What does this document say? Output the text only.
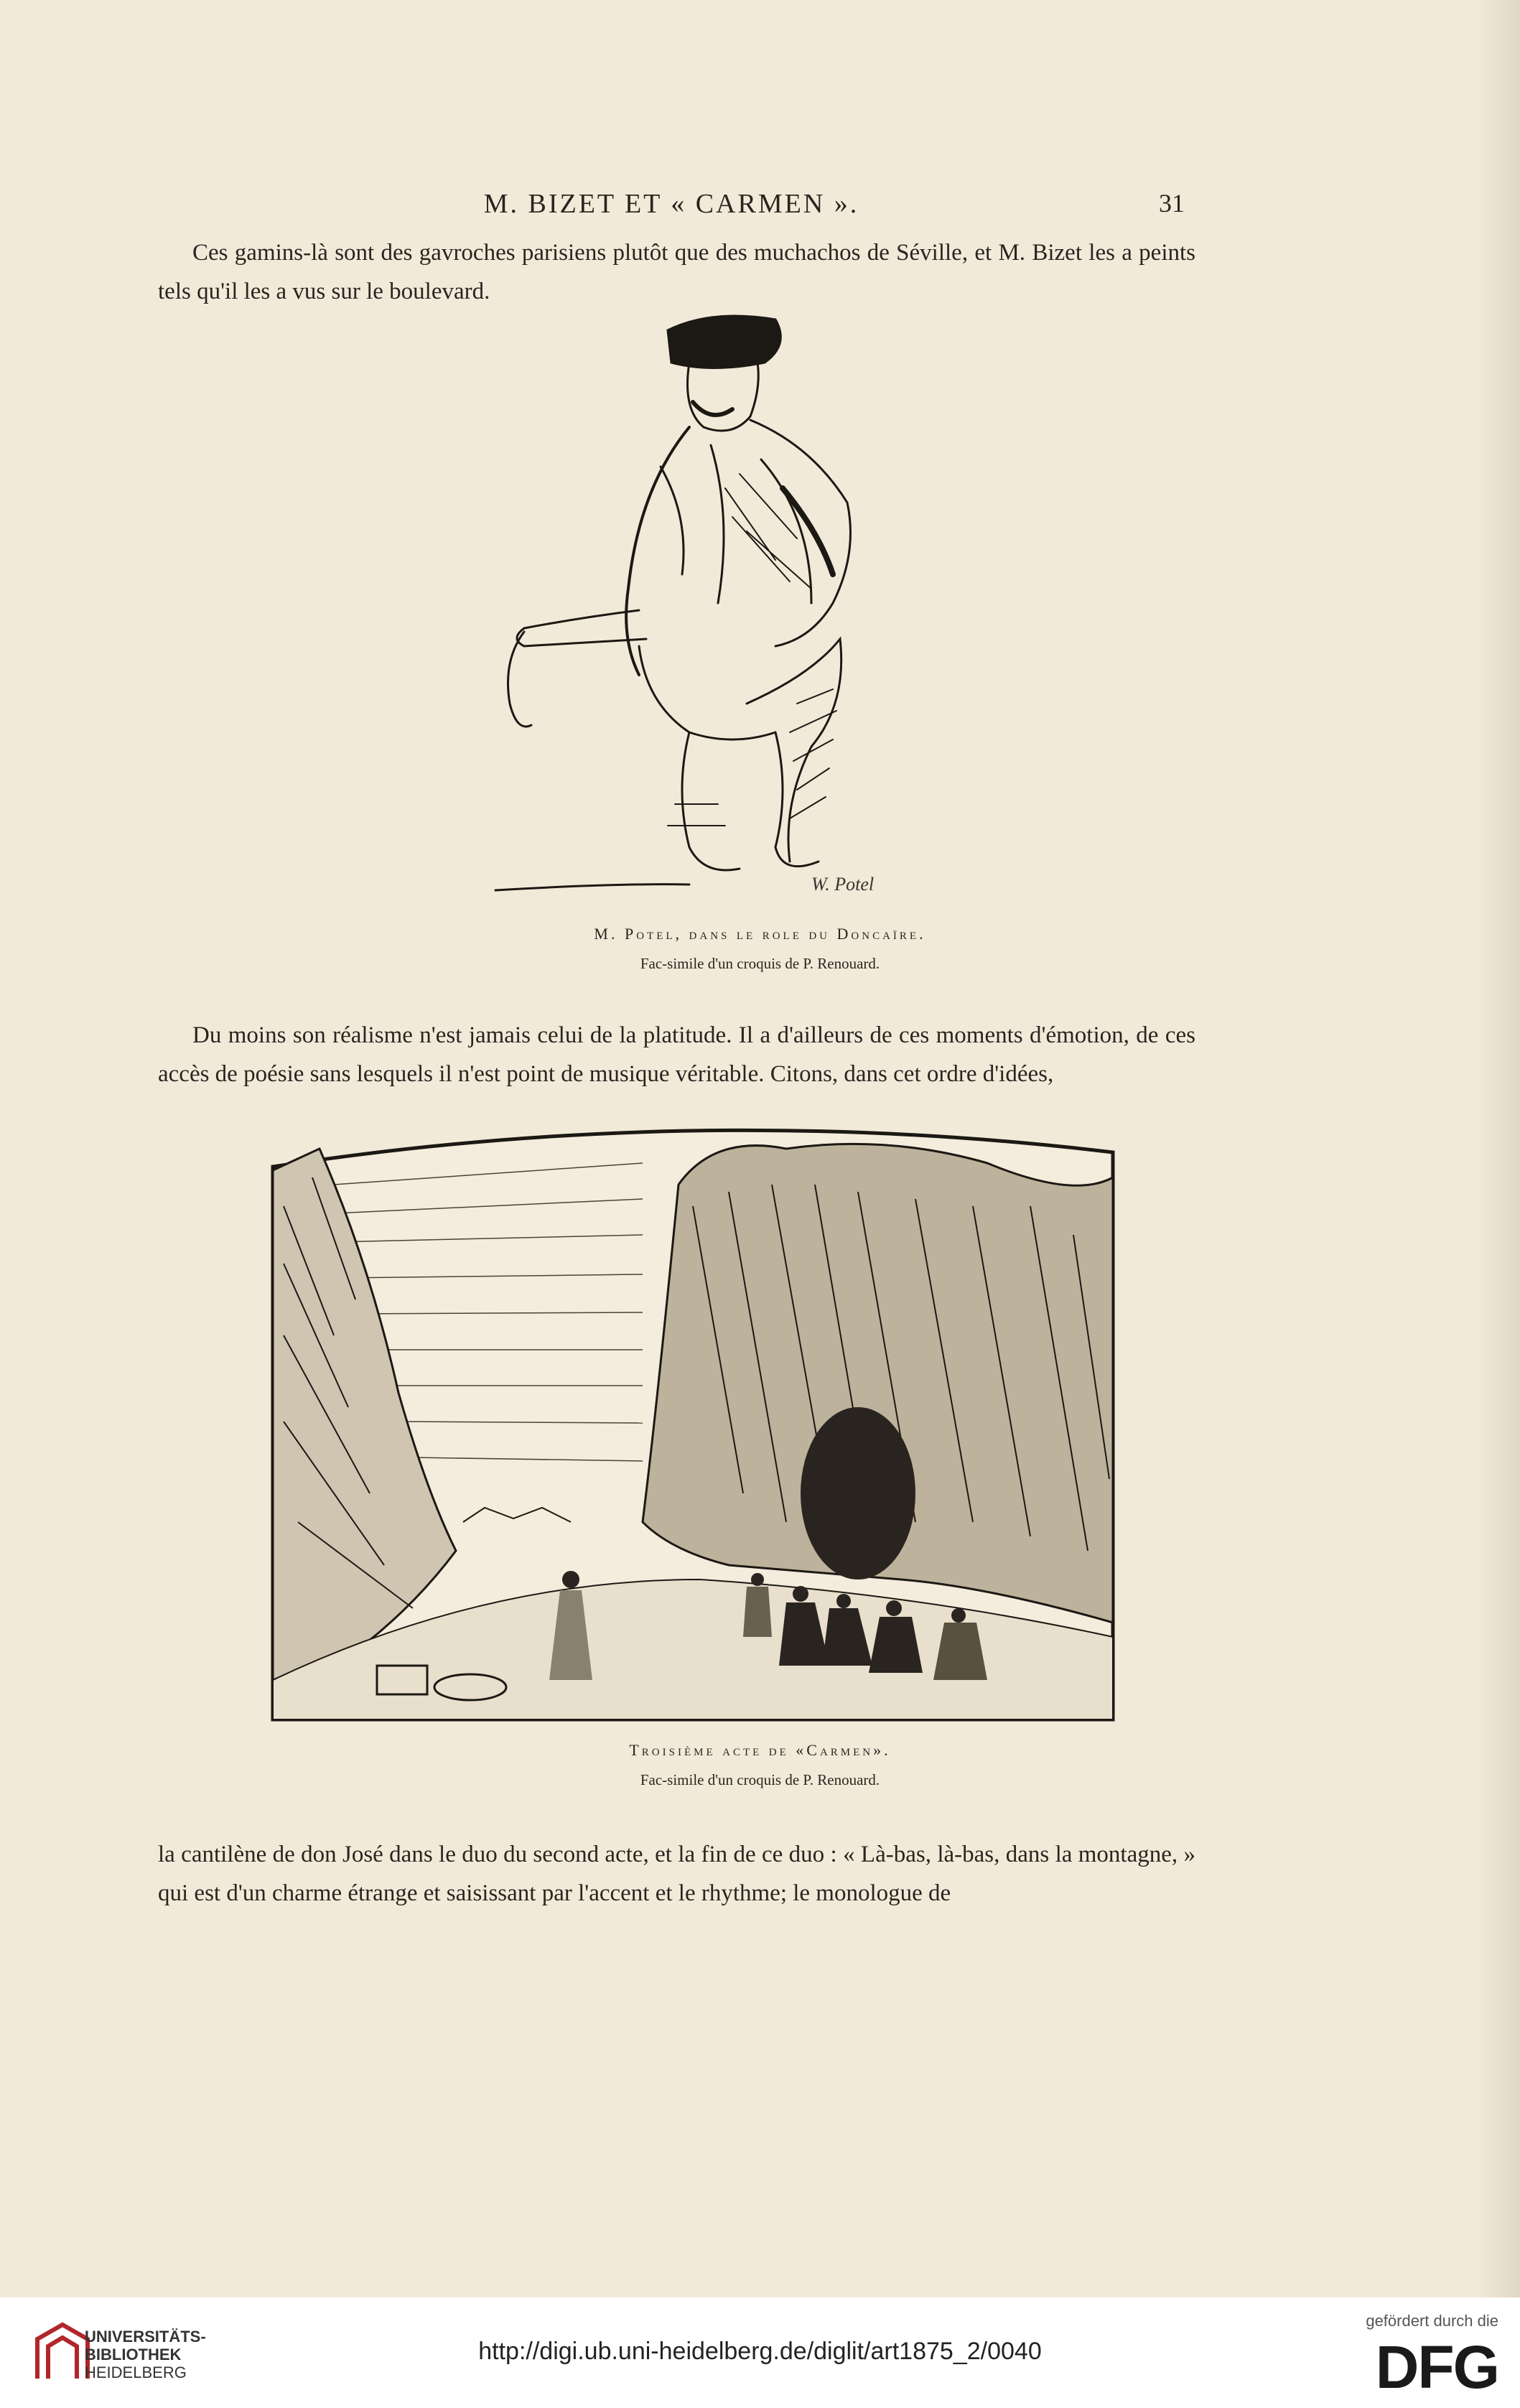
M. BIZET ET « CARMEN ».	31
Ces gamins-là sont des gavroches parisiens plutôt que des muchachos de Séville, et M. Bizet les a peints tels qu'il les a vus sur le boulevard.
W. Potel
M. Potel, dans le role du Doncaïre.
Fac-simile d'un croquis de P. Renouard.
Du moins son réalisme n'est jamais celui de la platitude. Il a d'ailleurs de ces moments d'émotion, de ces accès de poésie sans lesquels il n'est point de musique véritable. Citons, dans cet ordre d'idées,
Troisième acte de «Carmen».
Fac-simile d'un croquis de P. Renouard.
la cantilène de don José dans le duo du second acte, et la fin de ce duo : « Là-bas, là-bas, dans la montagne, » qui est d'un charme étrange et saisissant par l'accent et le rhythme; le monologue de
UNIVERSITÄTS-
BIBLIOTHEK
HEIDELBERG
http://digi.ub.uni-heidelberg.de/diglit/art1875_2/0040
gefördert durch die
DFG
